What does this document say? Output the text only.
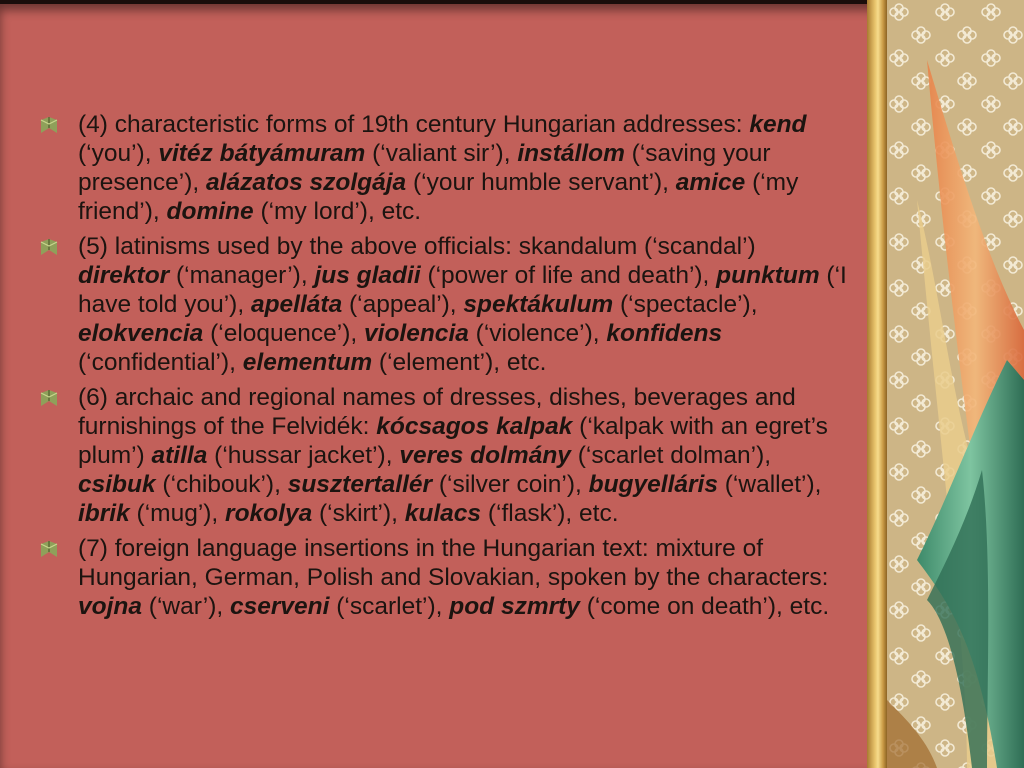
(4) characteristic forms of 19th century Hungarian addresses: kend (‘you’), vitéz bátyámuram (‘valiant sir’), instállom (‘saving your presence’), alázatos szolgája (‘your humble servant’), amice (‘my friend’), domine (‘my lord’), etc.
(5) latinisms used by the above officials: skandalum (‘scandal’) direktor (‘manager’), jus gladii (‘power of life and death’), punktum (‘I have told you’), apelláta (‘appeal’), spektákulum (‘spectacle’), elokvencia (‘eloquence’), violencia (‘violence’), konfidens (‘confidential’), elementum (‘element’), etc.
(6) archaic and regional names of dresses, dishes, beverages and furnishings of the Felvidék: kócsagos kalpak (‘kalpak with an egret’s plum’) atilla (‘hussar jacket’), veres dolmány (‘scarlet dolman’), csibuk (‘chibouk’), susztertallér (‘silver coin’), bugyelláris (‘wallet’), ibrik (‘mug’), rokolya (‘skirt’), kulacs (‘flask’), etc.
(7) foreign language insertions in the Hungarian text: mixture of Hungarian, German, Polish and Slovakian, spoken by the characters: vojna (‘war’), cserveni (‘scarlet’), pod szmrty (‘come on death’), etc.
